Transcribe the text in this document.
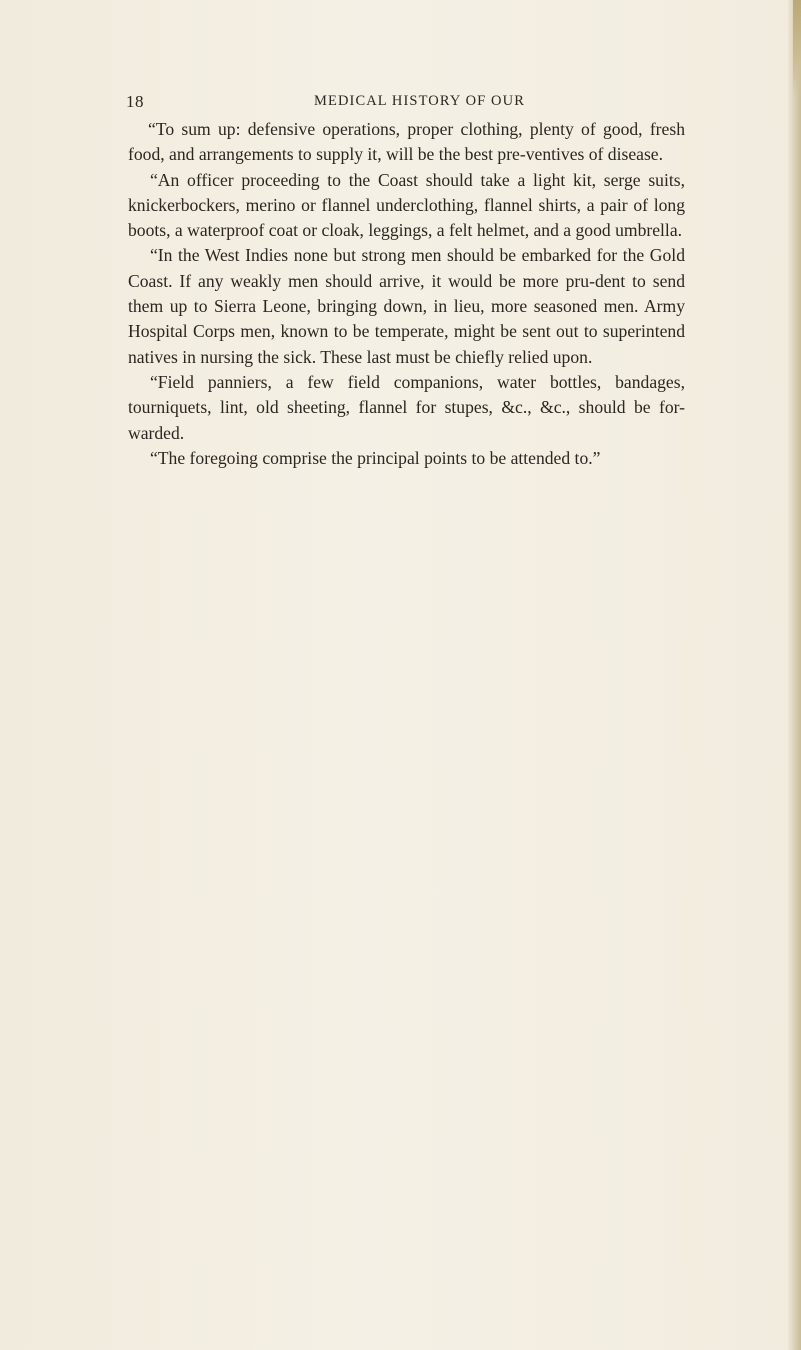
18	MEDICAL HISTORY OF OUR

“To sum up: defensive operations, proper clothing, plenty of good, fresh food, and arrangements to supply it, will be the best pre-ventives of disease.

“An officer proceeding to the Coast should take a light kit, serge suits, knickerbockers, merino or flannel underclothing, flannel shirts, a pair of long boots, a waterproof coat or cloak, leggings, a felt helmet, and a good umbrella.

“In the West Indies none but strong men should be embarked for the Gold Coast. If any weakly men should arrive, it would be more pru-dent to send them up to Sierra Leone, bringing down, in lieu, more seasoned men. Army Hospital Corps men, known to be temperate, might be sent out to superintend natives in nursing the sick. These last must be chiefly relied upon.

“Field panniers, a few field companions, water bottles, bandages, tourniquets, lint, old sheeting, flannel for stupes, &c., &c., should be for-warded.

“The foregoing comprise the principal points to be attended to.”
